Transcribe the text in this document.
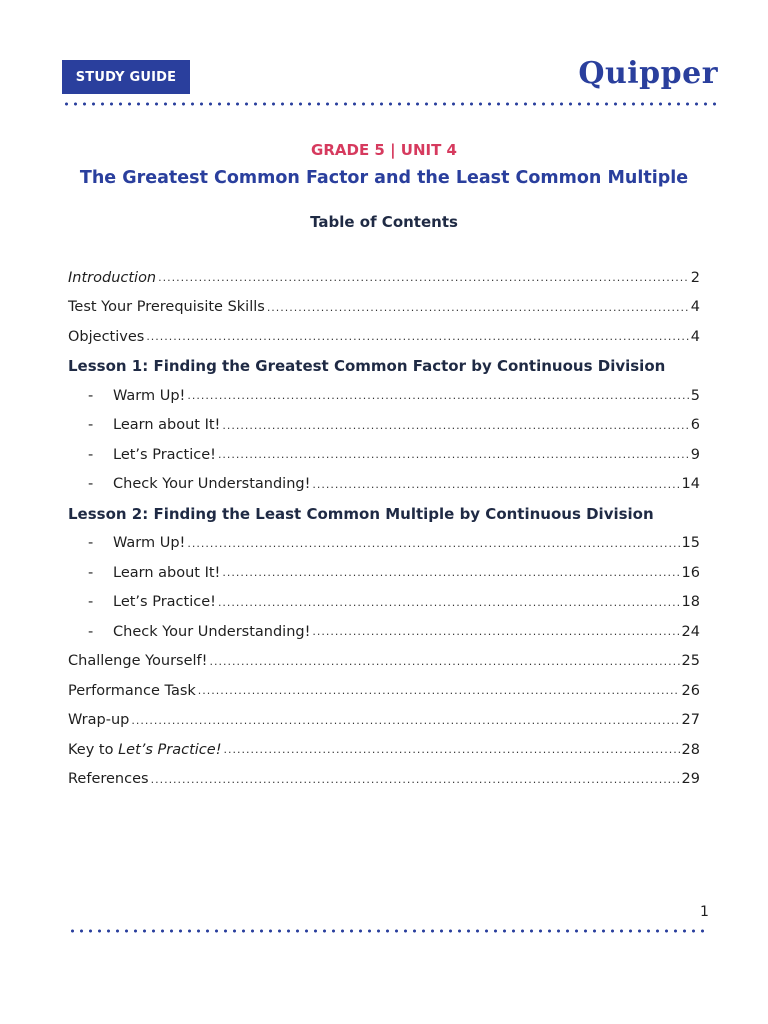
STUDY GUIDE	Quipper
GRADE 5 | UNIT 4
The Greatest Common Factor and the Least Common Multiple
Table of Contents
Introduction .....	2
Test Your Prerequisite Skills .....	4
Objectives .....	4
Lesson 1: Finding the Greatest Common Factor by Continuous Division
-	Warm Up! .....	5
-	Learn about It! .....	6
-	Let’s Practice! .....	9
-	Check Your Understanding! .....	14
Lesson 2: Finding the Least Common Multiple by Continuous Division
-	Warm Up! .....	15
-	Learn about It! .....	16
-	Let’s Practice! .....	18
-	Check Your Understanding! .....	24
Challenge Yourself! .....	25
Performance Task .....	26
Wrap-up .....	27
Key to Let’s Practice! .....	28
References .....	29
1
